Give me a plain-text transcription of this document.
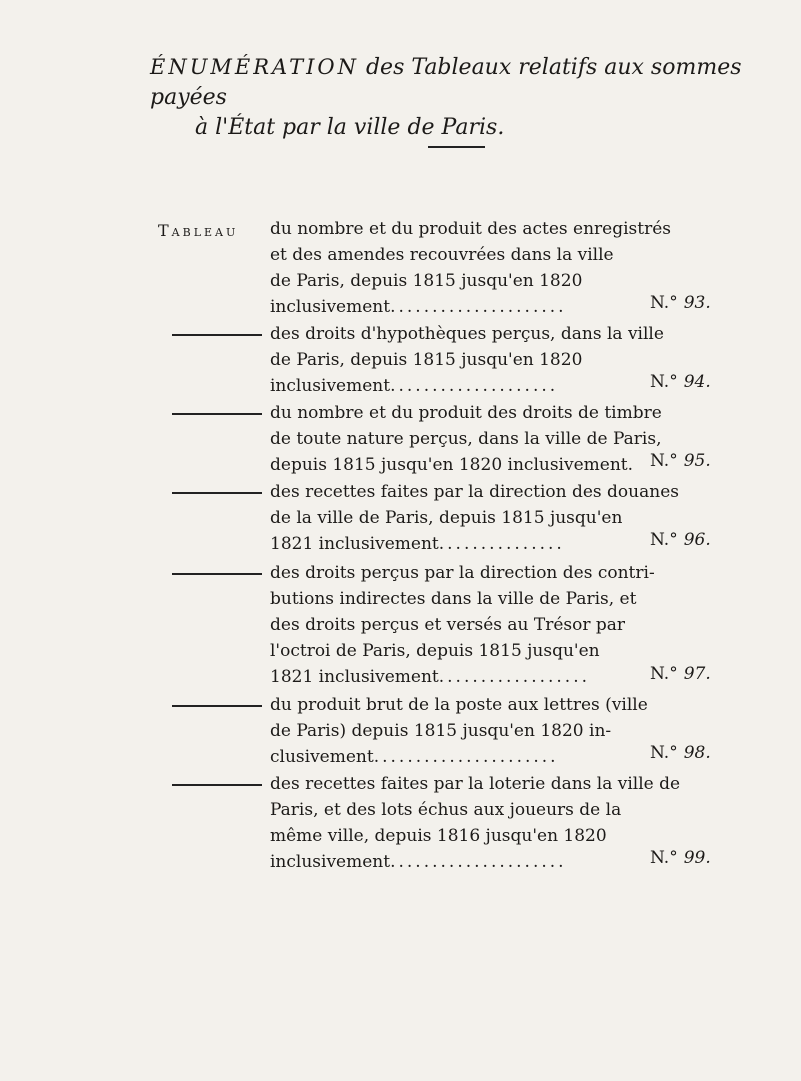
ÉNUMÉRATION des Tableaux relatifs aux sommes payées
à l'État par la ville de Paris.
Tableau du nombre et du produit des actes enregistrés
et des amendes recouvrées dans la ville
de Paris, depuis 1815 jusqu'en 1820
inclusivement.....................	N.° 93.
des droits d'hypothèques perçus, dans la ville
de Paris, depuis 1815 jusqu'en 1820
inclusivement....................	N.° 94.
du nombre et du produit des droits de timbre
de toute nature perçus, dans la ville de Paris,
depuis 1815 jusqu'en 1820 inclusivement. N.° 95.
des recettes faites par la direction des douanes
de la ville de Paris, depuis 1815 jusqu'en
1821 inclusivement...............	N.° 96.
des droits perçus par la direction des contri-
butions indirectes dans la ville de Paris, et
des droits perçus et versés au Trésor par
l'octroi de Paris, depuis 1815 jusqu'en
1821 inclusivement..................	N.° 97.
du produit brut de la poste aux lettres (ville
de Paris) depuis 1815 jusqu'en 1820 in-
clusivement......................	N.° 98.
des recettes faites par la loterie dans la ville de
Paris, et des lots échus aux joueurs de la
même ville, depuis 1816 jusqu'en 1820
inclusivement.....................	N.° 99.
